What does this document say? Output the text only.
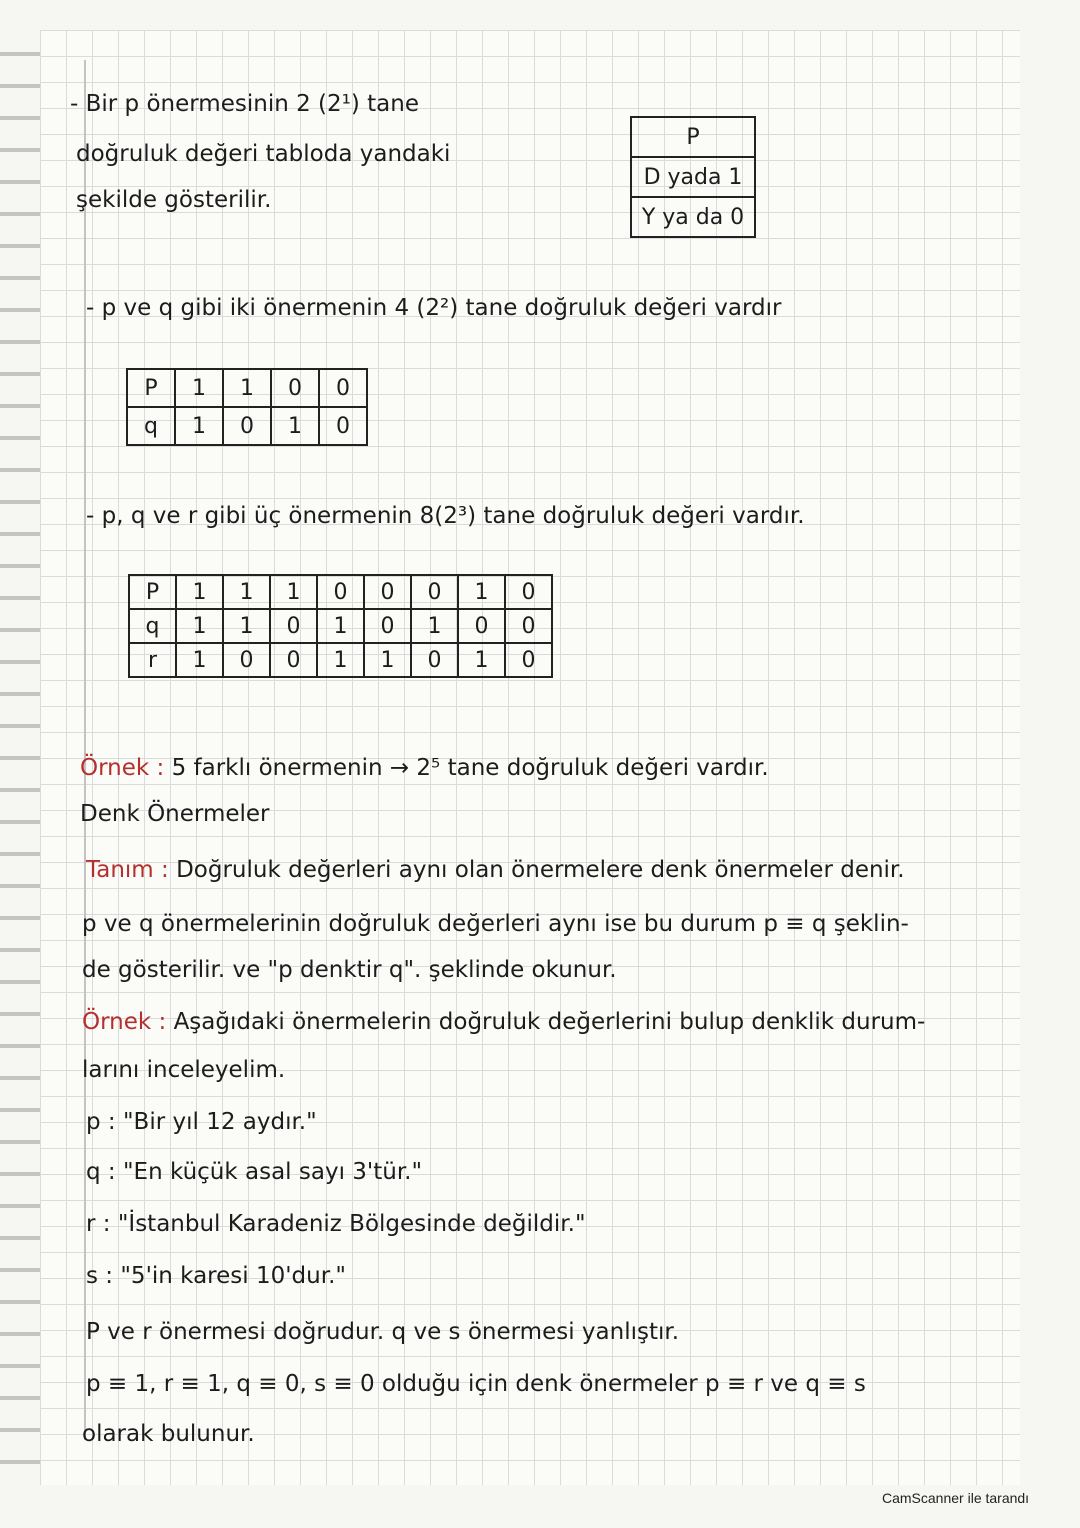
- Bir p önermesinin 2 (2¹) tane
doğruluk değeri tabloda yandaki
şekilde gösterilir.
P
D yada 1
Y ya da 0
- p ve q gibi iki önermenin 4 (2²) tane doğruluk değeri vardır
P	1	1	0	0
q	1	0	1	0
- p, q ve r gibi üç önermenin 8(2³) tane doğruluk değeri vardır.
P	1	1	1	0	0	0	1	0
q	1	1	0	1	0	1	0	0
r	1	0	0	1	1	0	1	0
Örnek : 5 farklı önermenin → 2⁵ tane doğruluk değeri vardır.
Denk Önermeler
Tanım : Doğruluk değerleri aynı olan önermelere denk önermeler denir.
p ve q önermelerinin doğruluk değerleri aynı ise bu durum p ≡ q şeklin-
de gösterilir. ve "p denktir q". şeklinde okunur.
Örnek : Aşağıdaki önermelerin doğruluk değerlerini bulup denklik durum-
larını inceleyelim.
p : "Bir yıl 12 aydır."
q : "En küçük asal sayı 3'tür."
r : "İstanbul Karadeniz Bölgesinde değildir."
s : "5'in karesi 10'dur."
P ve r önermesi doğrudur. q ve s önermesi yanlıştır.
p ≡ 1, r ≡ 1, q ≡ 0, s ≡ 0 olduğu için denk önermeler p ≡ r ve q ≡ s
olarak bulunur.
CamScanner ile tarandı
